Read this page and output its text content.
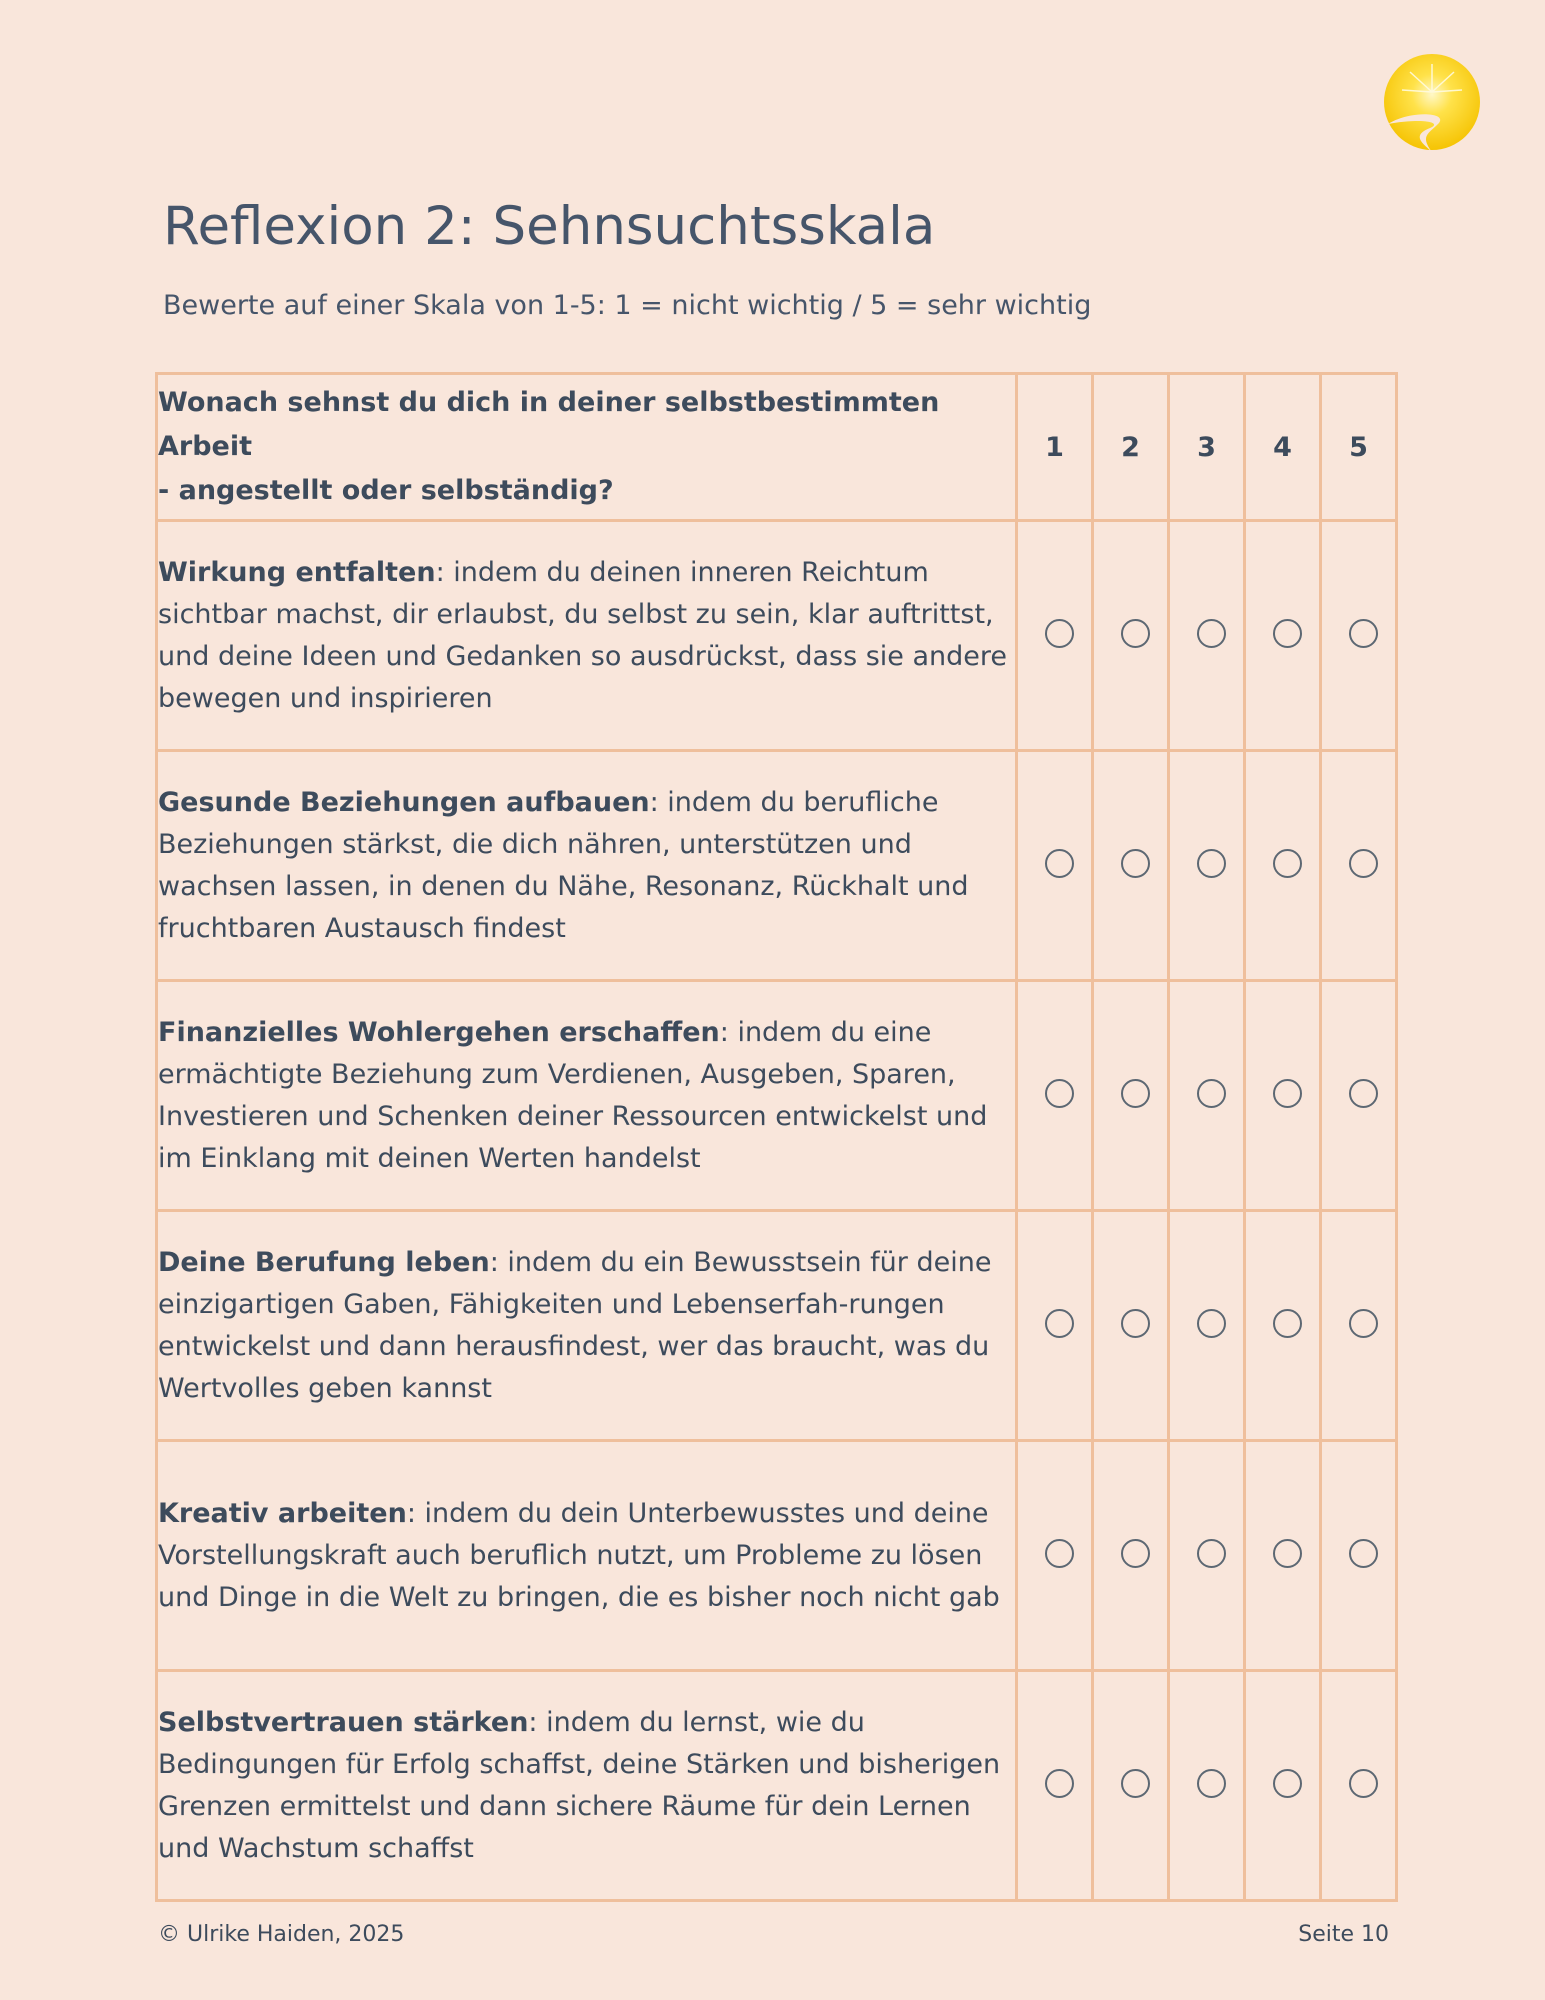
Reflexion 2: Sehnsuchtsskala

Bewerte auf einer Skala von 1-5: 1 = nicht wichtig / 5 = sehr wichtig

Wonach sehnst du dich in deiner selbstbestimmten Arbeit
- angestellt oder selbständig?	1	2	3	4	5
Wirkung entfalten: indem du deinen inneren Reichtum sichtbar machst, dir erlaubst, du selbst zu sein, klar auftrittst, und deine Ideen und Gedanken so ausdrückst, dass sie andere bewegen und inspirieren					
Gesunde Beziehungen aufbauen: indem du berufliche Beziehungen stärkst, die dich nähren, unterstützen und wachsen lassen, in denen du Nähe, Resonanz, Rückhalt und fruchtbaren Austausch findest					
Finanzielles Wohlergehen erschaffen: indem du eine ermächtigte Beziehung zum Verdienen, Ausgeben, Sparen, Investieren und Schenken deiner Ressourcen entwickelst und im Einklang mit deinen Werten handelst					
Deine Berufung leben: indem du ein Bewusstsein für deine einzigartigen Gaben, Fähigkeiten und Lebenserfah-rungen entwickelst und dann herausfindest, wer das braucht, was du Wertvolles geben kannst					
Kreativ arbeiten: indem du dein Unterbewusstes und deine Vorstellungskraft auch beruflich nutzt, um Probleme zu lösen und Dinge in die Welt zu bringen, die es bisher noch nicht gab					
Selbstvertrauen stärken: indem du lernst, wie du Bedingungen für Erfolg schaffst, deine Stärken und bisherigen Grenzen ermittelst und dann sichere Räume für dein Lernen und Wachstum schaffst					
© Ulrike Haiden, 2025	Seite 10
